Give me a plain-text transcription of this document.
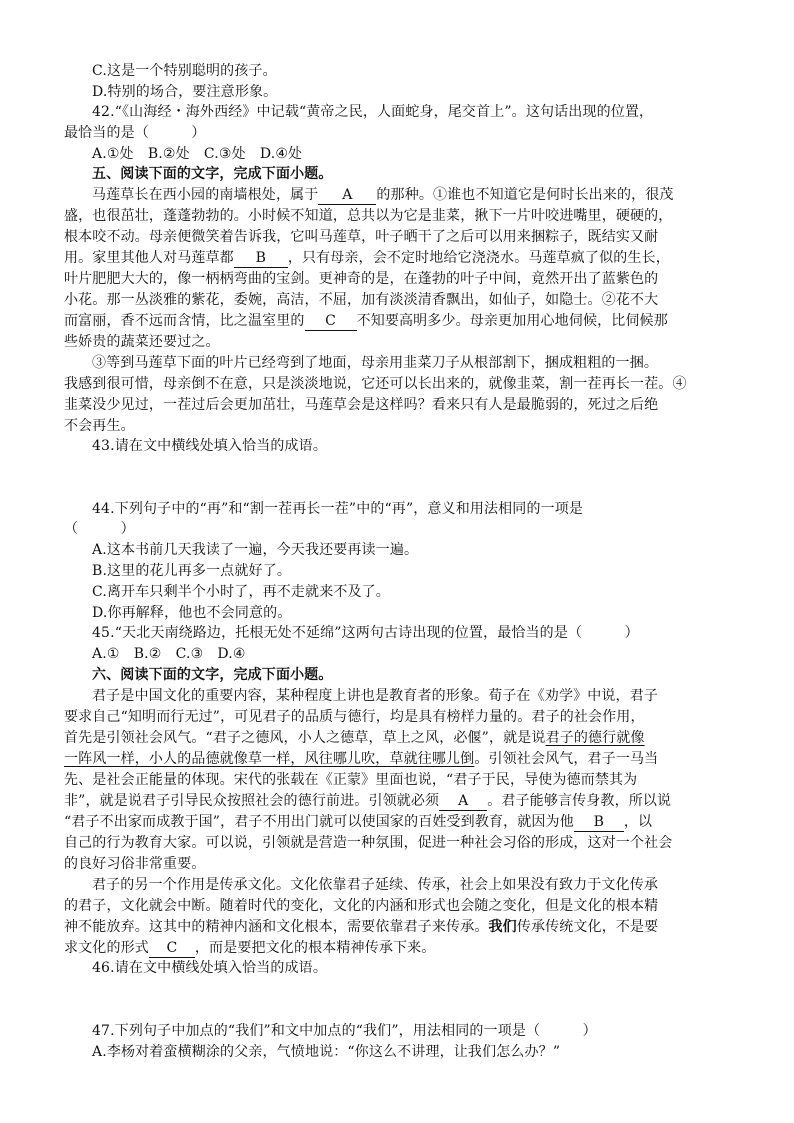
C.这是一个特别聪明的孩子。
D.特别的场合，要注意形象。
42.“《山海经・海外西经》中记载“黄帝之民，人面蛇身，尾交首上”。这句话出现的位置，
最恰当的是（　　　）
A.①处　B.②处　C.③处　D.④处
五、阅读下面的文字，完成下面小题。
马莲草长在西小园的南墙根处，属于 A 的那种。①谁也不知道它是何时长出来的，很茂
盛，也很茁壮，蓬蓬勃勃的。小时候不知道，总共以为它是韭菜，揪下一片叶咬进嘴里，硬硬的，
根本咬不动。母亲便微笑着告诉我，它叫马莲草，叶子晒干了之后可以用来捆粽子，既结实又耐
用。家里其他人对马莲草都 B ，只有母亲，会不定时地给它浇浇水。马莲草疯了似的生长，
叶片肥肥大大的，像一柄柄弯曲的宝剑。更神奇的是，在蓬勃的叶子中间，竟然开出了蓝紫色的
小花。那一丛淡雅的紫花，委婉，高洁，不屈，加有淡淡清香飘出，如仙子，如隐士。②花不大
而富丽，香不远而含情，比之温室里的 C 不知要高明多少。母亲更加用心地伺候，比伺候那
些娇贵的蔬菜还要过之。
③等到马莲草下面的叶片已经弯到了地面，母亲用韭菜刀子从根部割下，捆成粗粗的一捆。
我感到很可惜，母亲倒不在意，只是淡淡地说，它还可以长出来的，就像韭菜，割一茬再长一茬。④
韭菜没少见过，一茬过后会更加茁壮，马莲草会是这样吗？看来只有人是最脆弱的，死过之后绝
不会再生。
43.请在文中横线处填入恰当的成语。
44.下列句子中的“再”和“割一茬再长一茬”中的“再”，意义和用法相同的一项是
（　　　）
A.这本书前几天我读了一遍，今天我还要再读一遍。
B.这里的花儿再多一点就好了。
C.离开车只剩半个小时了，再不走就来不及了。
D.你再解释，他也不会同意的。
45.“天北天南绕路边，托根无处不延绵”这两句古诗出现的位置，最恰当的是（　　　）
A.①　B.②　C.③　D.④
六、阅读下面的文字，完成下面小题。
君子是中国文化的重要内容，某种程度上讲也是教育者的形象。荀子在《劝学》中说，君子
要求自己“知明而行无过”，可见君子的品质与德行，均是具有榜样力量的。君子的社会作用，
首先是引领社会风气。“君子之德风，小人之德草，草上之风，必偃”，就是说君子的德行就像
一阵风一样，小人的品德就像草一样，风往哪儿吹，草就往哪儿倒。引领社会风气，君子一马当
先、是社会正能量的体现。宋代的张载在《正蒙》里面也说，“君子于民，导使为德而禁其为
非”，就是说君子引导民众按照社会的德行前进。引领就必须 A 。君子能够言传身教，所以说
“君子不出家而成教于国”，君子不用出门就可以使国家的百姓受到教育，就因为他 B ，以
自己的行为教育大家。可以说，引领就是营造一种氛围，促进一种社会习俗的形成，这对一个社会
的良好习俗非常重要。
君子的另一个作用是传承文化。文化依靠君子延续、传承，社会上如果没有致力于文化传承
的君子，文化就会中断。随着时代的变化，文化的内涵和形式也会随之变化，但是文化的根本精
神不能放弃。这其中的精神内涵和文化根本，需要依靠君子来传承。我们传承传统文化，不是要
求文化的形式 C ，而是要把文化的根本精神传承下来。
46.请在文中横线处填入恰当的成语。
47.下列句子中加点的“我们”和文中加点的“我们”，用法相同的一项是（　　　）
A.李杨对着蛮横糊涂的父亲，气愤地说：“你这么不讲理，让我们怎么办？”
